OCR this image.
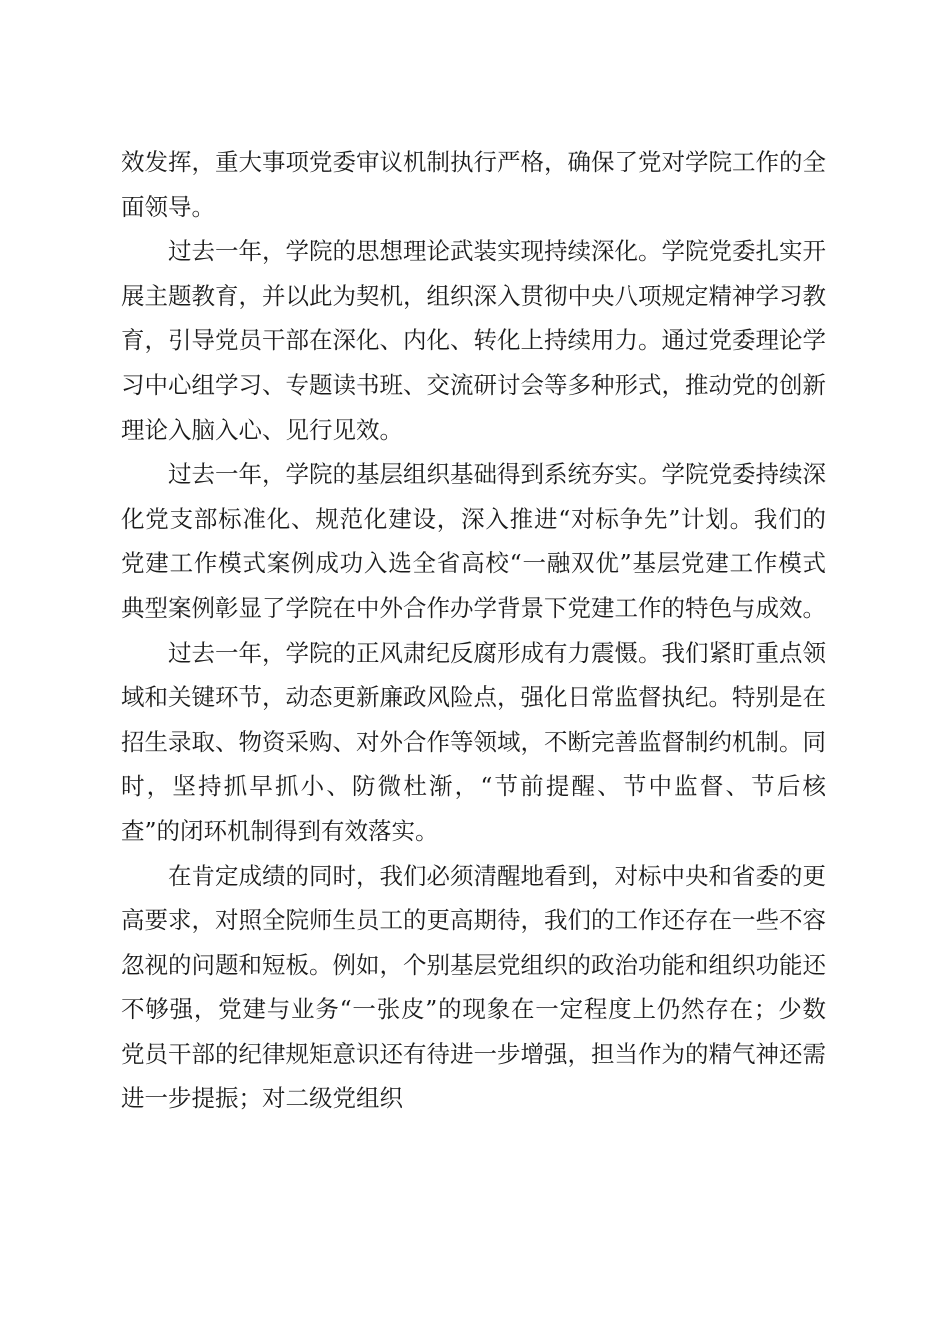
效发挥，重大事项党委审议机制执行严格，确保了党对学院工作的全面领导。

过去一年，学院的思想理论武装实现持续深化。学院党委扎实开展主题教育，并以此为契机，组织深入贯彻中央八项规定精神学习教育，引导党员干部在深化、内化、转化上持续用力。通过党委理论学习中心组学习、专题读书班、交流研讨会等多种形式，推动党的创新理论入脑入心、见行见效。

过去一年，学院的基层组织基础得到系统夯实。学院党委持续深化党支部标准化、规范化建设，深入推进“对标争先”计划。我们的党建工作模式案例成功入选全省高校“一融双优”基层党建工作模式典型案例彰显了学院在中外合作办学背景下党建工作的特色与成效。

过去一年，学院的正风肃纪反腐形成有力震慑。我们紧盯重点领域和关键环节，动态更新廉政风险点，强化日常监督执纪。特别是在招生录取、物资采购、对外合作等领域，不断完善监督制约机制。同时，坚持抓早抓小、防微杜渐，“节前提醒、节中监督、节后核查”的闭环机制得到有效落实。

在肯定成绩的同时，我们必须清醒地看到，对标中央和省委的更高要求，对照全院师生员工的更高期待，我们的工作还存在一些不容忽视的问题和短板。例如，个别基层党组织的政治功能和组织功能还不够强，党建与业务“一张皮”的现象在一定程度上仍然存在；少数党员干部的纪律规矩意识还有待进一步增强，担当作为的精气神还需进一步提振；对二级党组织
